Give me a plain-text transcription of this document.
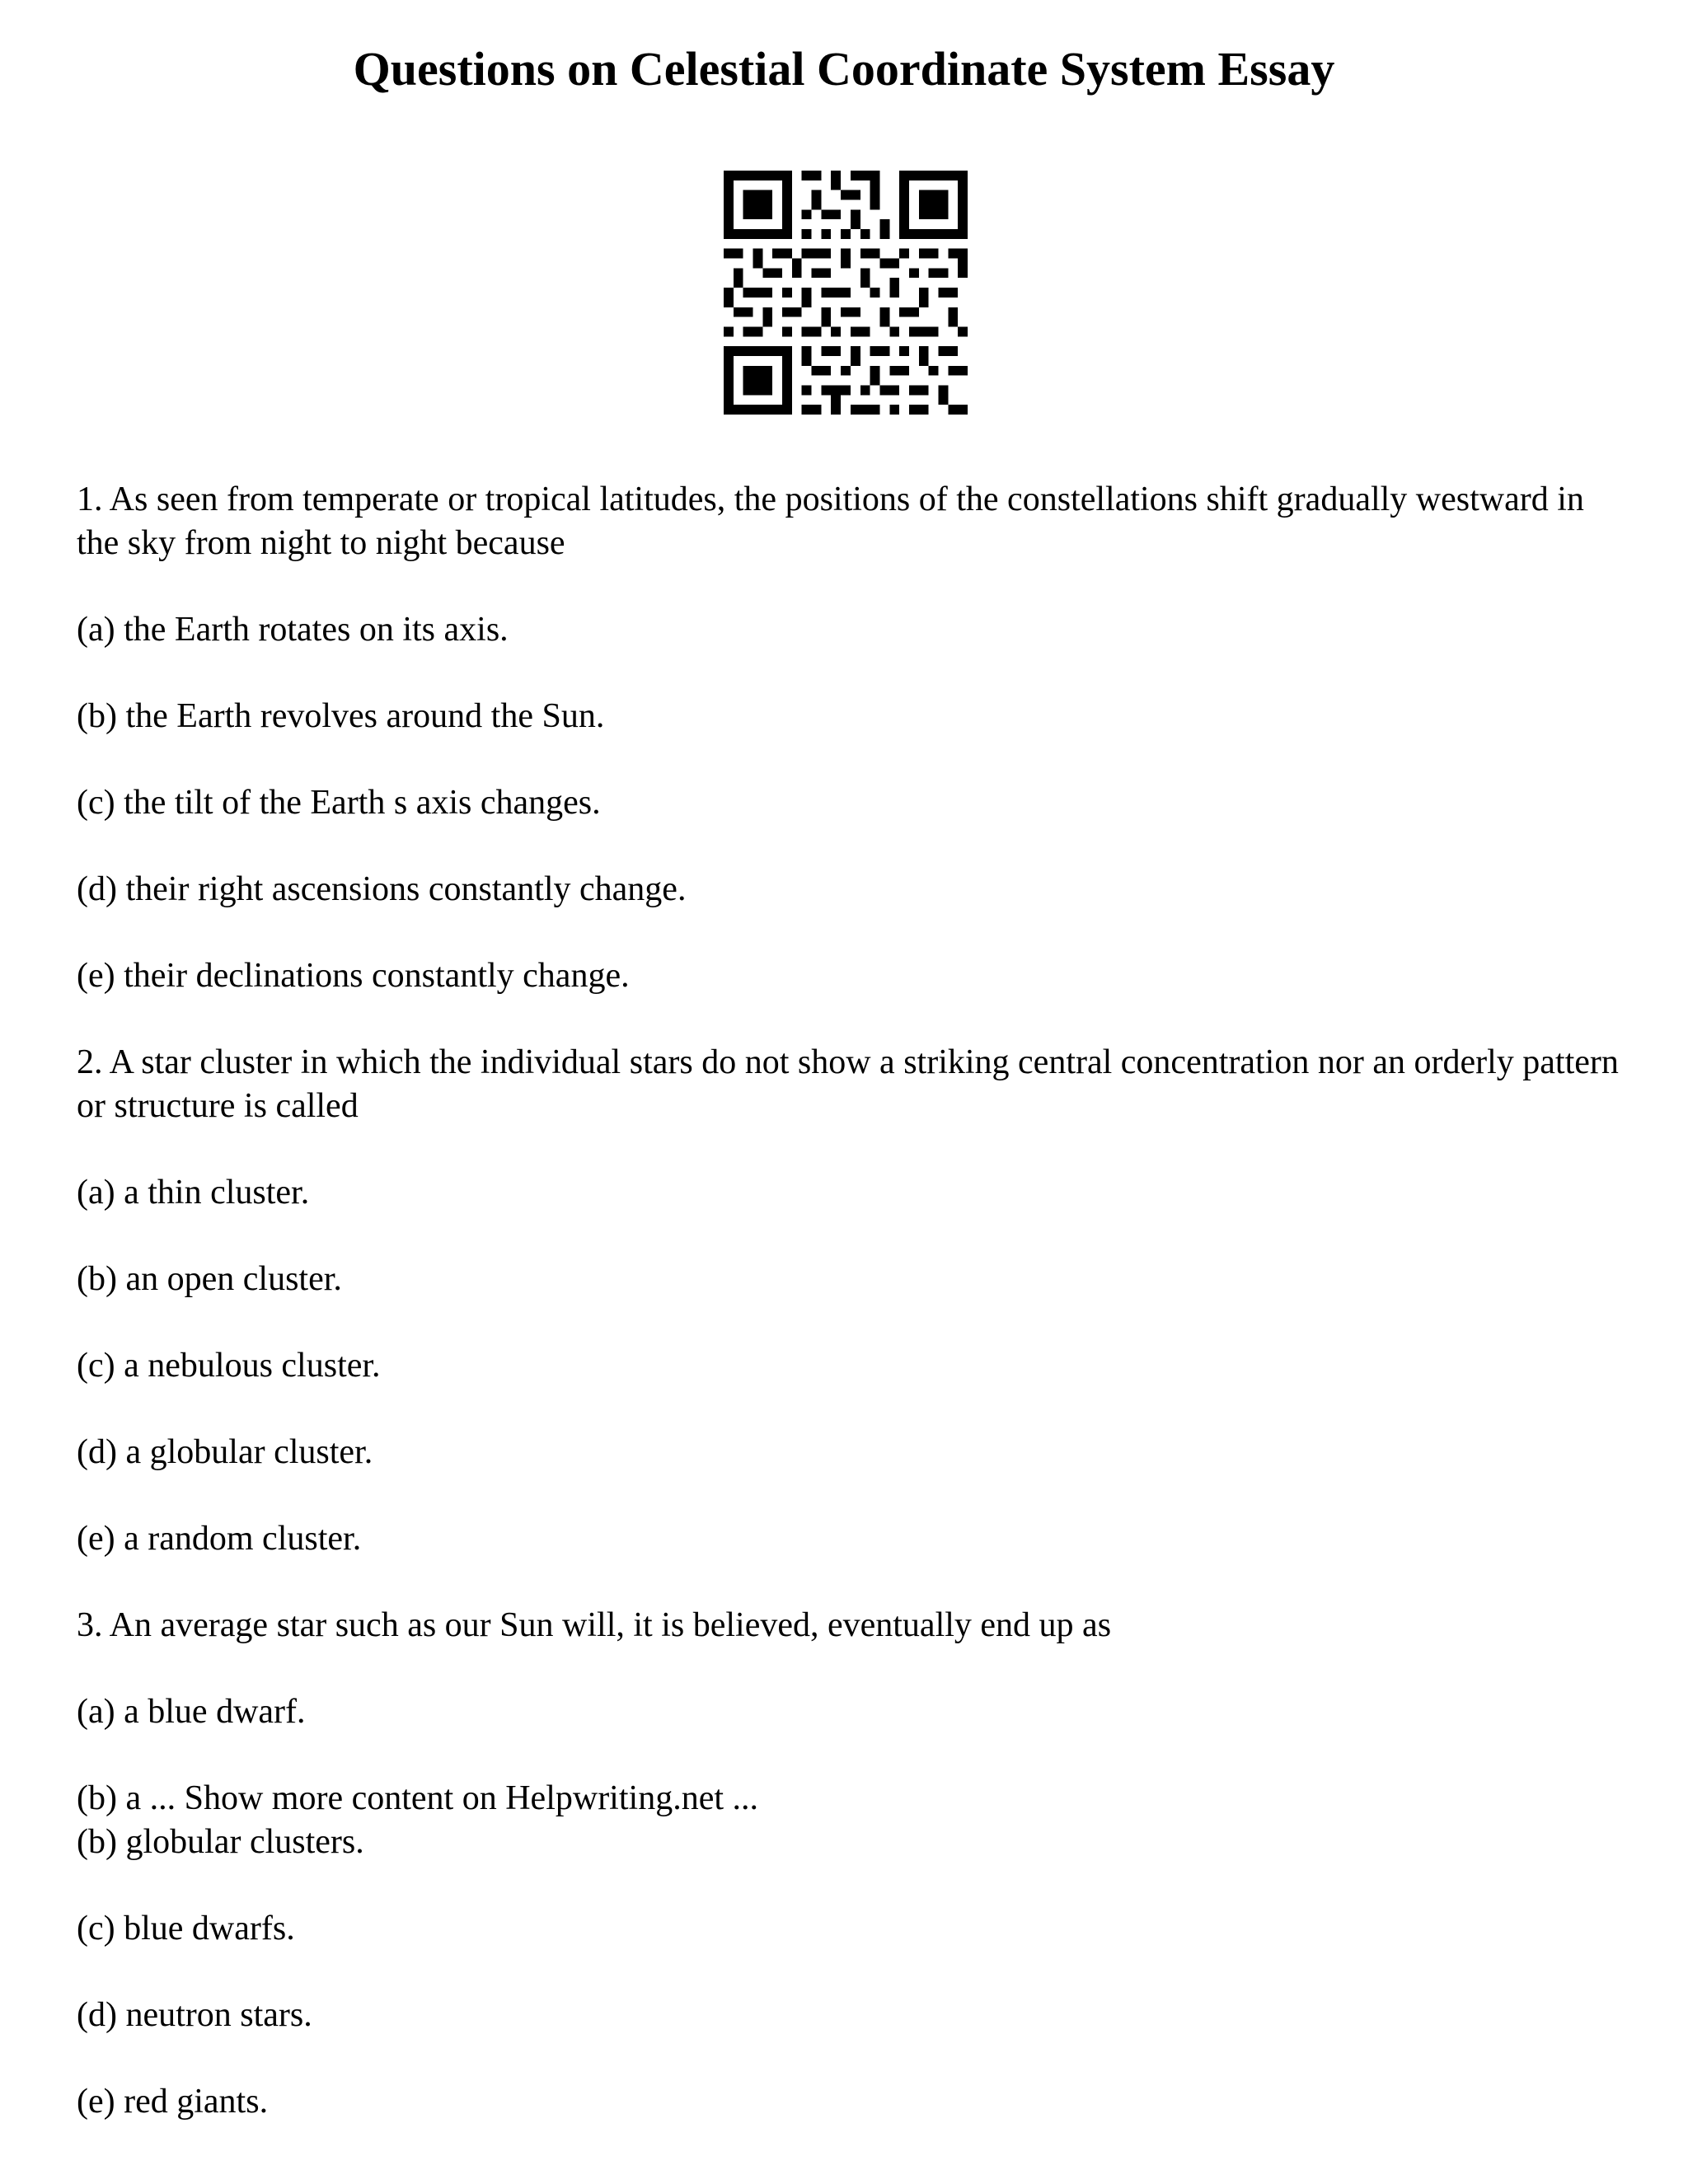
Questions on Celestial Coordinate System Essay

1. As seen from temperate or tropical latitudes, the positions of the constellations shift gradually westward in the sky from night to night because

(a) the Earth rotates on its axis.

(b) the Earth revolves around the Sun.

(c) the tilt of the Earth s axis changes.

(d) their right ascensions constantly change.

(e) their declinations constantly change.

2. A star cluster in which the individual stars do not show a striking central concentration nor an orderly pattern or structure is called

(a) a thin cluster.

(b) an open cluster.

(c) a nebulous cluster.

(d) a globular cluster.

(e) a random cluster.

3. An average star such as our Sun will, it is believed, eventually end up as

(a) a blue dwarf.

(b) a ... Show more content on Helpwriting.net ...

(b) globular clusters.

(c) blue dwarfs.

(d) neutron stars.

(e) red giants.
